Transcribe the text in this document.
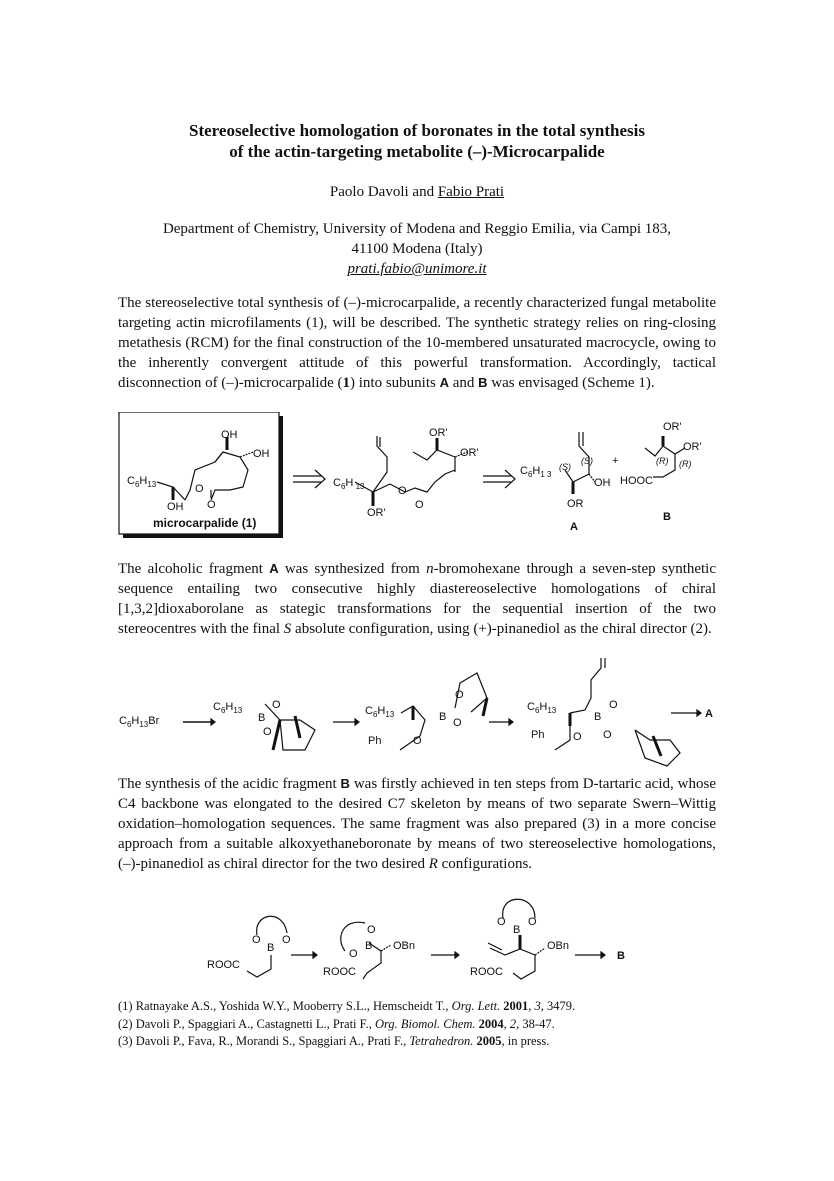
Stereoselective homologation of boronates in the total synthesis
of the actin-targeting metabolite (–)-Microcarpalide
Paolo Davoli and Fabio Prati
Department of Chemistry, University of Modena and Reggio Emilia, via Campi 183,
41100 Modena (Italy)
prati.fabio@unimore.it
The stereoselective total synthesis of (–)-microcarpalide, a recently characterized fungal metabolite targeting actin microfilaments (1), will be described. The synthetic strategy relies on ring-closing metathesis (RCM) for the final construction of the 10-membered unsaturated macrocycle, owing to the inherently convergent attitude of this powerful transformation. Accordingly, tactical disconnection of (–)-microcarpalide (1) into subunits A and B was envisaged (Scheme 1).
OH
OH
$C_6H_{13}$
OH
O
O
microcarpalide (1)
$C_6H$ $_{13}$
OR'
OR'
OR'
O
O
$C_6H_{1 3}$
(S)
(S)
OH
OR
A
+
OR'
OR'
(R) (R)
HOOC
B
The alcoholic fragment A was synthesized from n-bromohexane through a seven-step synthetic sequence entailing two consecutive highly diastereoselective homologations of chiral [1,3,2]dioxaborolane as stategic transformations for the sequential insertion of the two stereocentres with the final S absolute configuration, using (+)-pinanediol as the chiral director (2).
$C_6H_{13}Br$
$C_6H_{13}$
B
O
O
$C_6H_{13}$	B
O
O
O
Ph
$C_6H_{13}$
B
O
O
O
Ph
A
The synthesis of the acidic fragment B was firstly achieved in ten steps from D-tartaric acid, whose C4 backbone was elongated to the desired C7 skeleton by means of two separate Swern–Wittig oxidation–homologation sequences. The same fragment was also prepared (3) in a more concise approach from a suitable alkoxyethaneboronate by means of two stereoselective homologations, (–)-pinanediol as chiral director for the two desired R configurations.
O O
B
ROOC
O
O
B OBn
ROOC
O O
B
OBn
ROOC
B
(1) Ratnayake A.S., Yoshida W.Y., Mooberry S.L., Hemscheidt T., Org. Lett. 2001, 3, 3479.
(2) Davoli P., Spaggiari A., Castagnetti L., Prati F., Org. Biomol. Chem. 2004, 2, 38-47.
(3) Davoli P., Fava, R., Morandi S., Spaggiari A., Prati F., Tetrahedron. 2005, in press.
